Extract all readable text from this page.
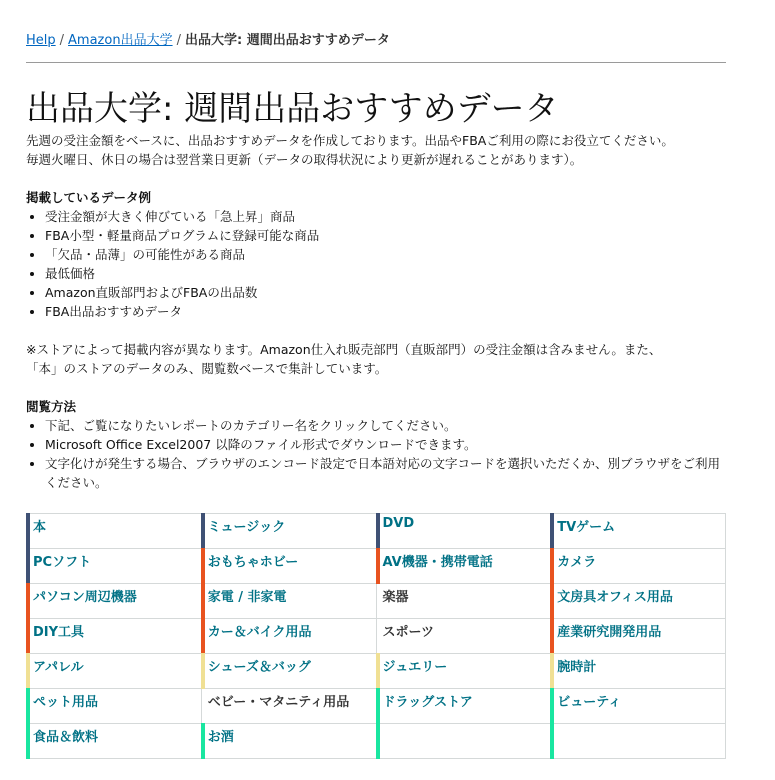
Help / Amazon出品大学 / 出品大学: 週間出品おすすめデータ
出品大学: 週間出品おすすめデータ
先週の受注金額をベースに、出品おすすめデータを作成しております。出品やFBAご利用の際にお役立てください。
毎週火曜日、休日の場合は翌営業日更新（データの取得状況により更新が遅れることがあります）。
掲載しているデータ例
• 受注金額が大きく伸びている「急上昇」商品
• FBA小型・軽量商品プログラムに登録可能な商品
• 「欠品・品薄」の可能性がある商品
• 最低価格
• Amazon直販部門およびFBAの出品数
• FBA出品おすすめデータ
※ストアによって掲載内容が異なります。Amazon仕入れ販売部門（直販部門）の受注金額は含みません。また、
「本」のストアのデータのみ、閲覧数ベースで集計しています。
閲覧方法
• 下記、ご覧になりたいレポートのカテゴリー名をクリックしてください。
• Microsoft Office Excel2007 以降のファイル形式でダウンロードできます。
• 文字化けが発生する場合、ブラウザのエンコード設定で日本語対応の文字コードを選択いただくか、別ブラウザをご利用ください。
本	ミュージック	DVD	TVゲーム

PCソフト	おもちゃホビー	AV機器・携帯電話	カメラ

パソコン周辺機器	家電 / 非家電	楽器	文房具オフィス用品

DIY工具	カー＆バイク用品	スポーツ	産業研究開発用品

アパレル	シューズ＆バッグ	ジュエリー	腕時計

ペット用品	ベビー・マタニティ用品	ドラッグストア	ビューティ

食品＆飲料	お酒	
